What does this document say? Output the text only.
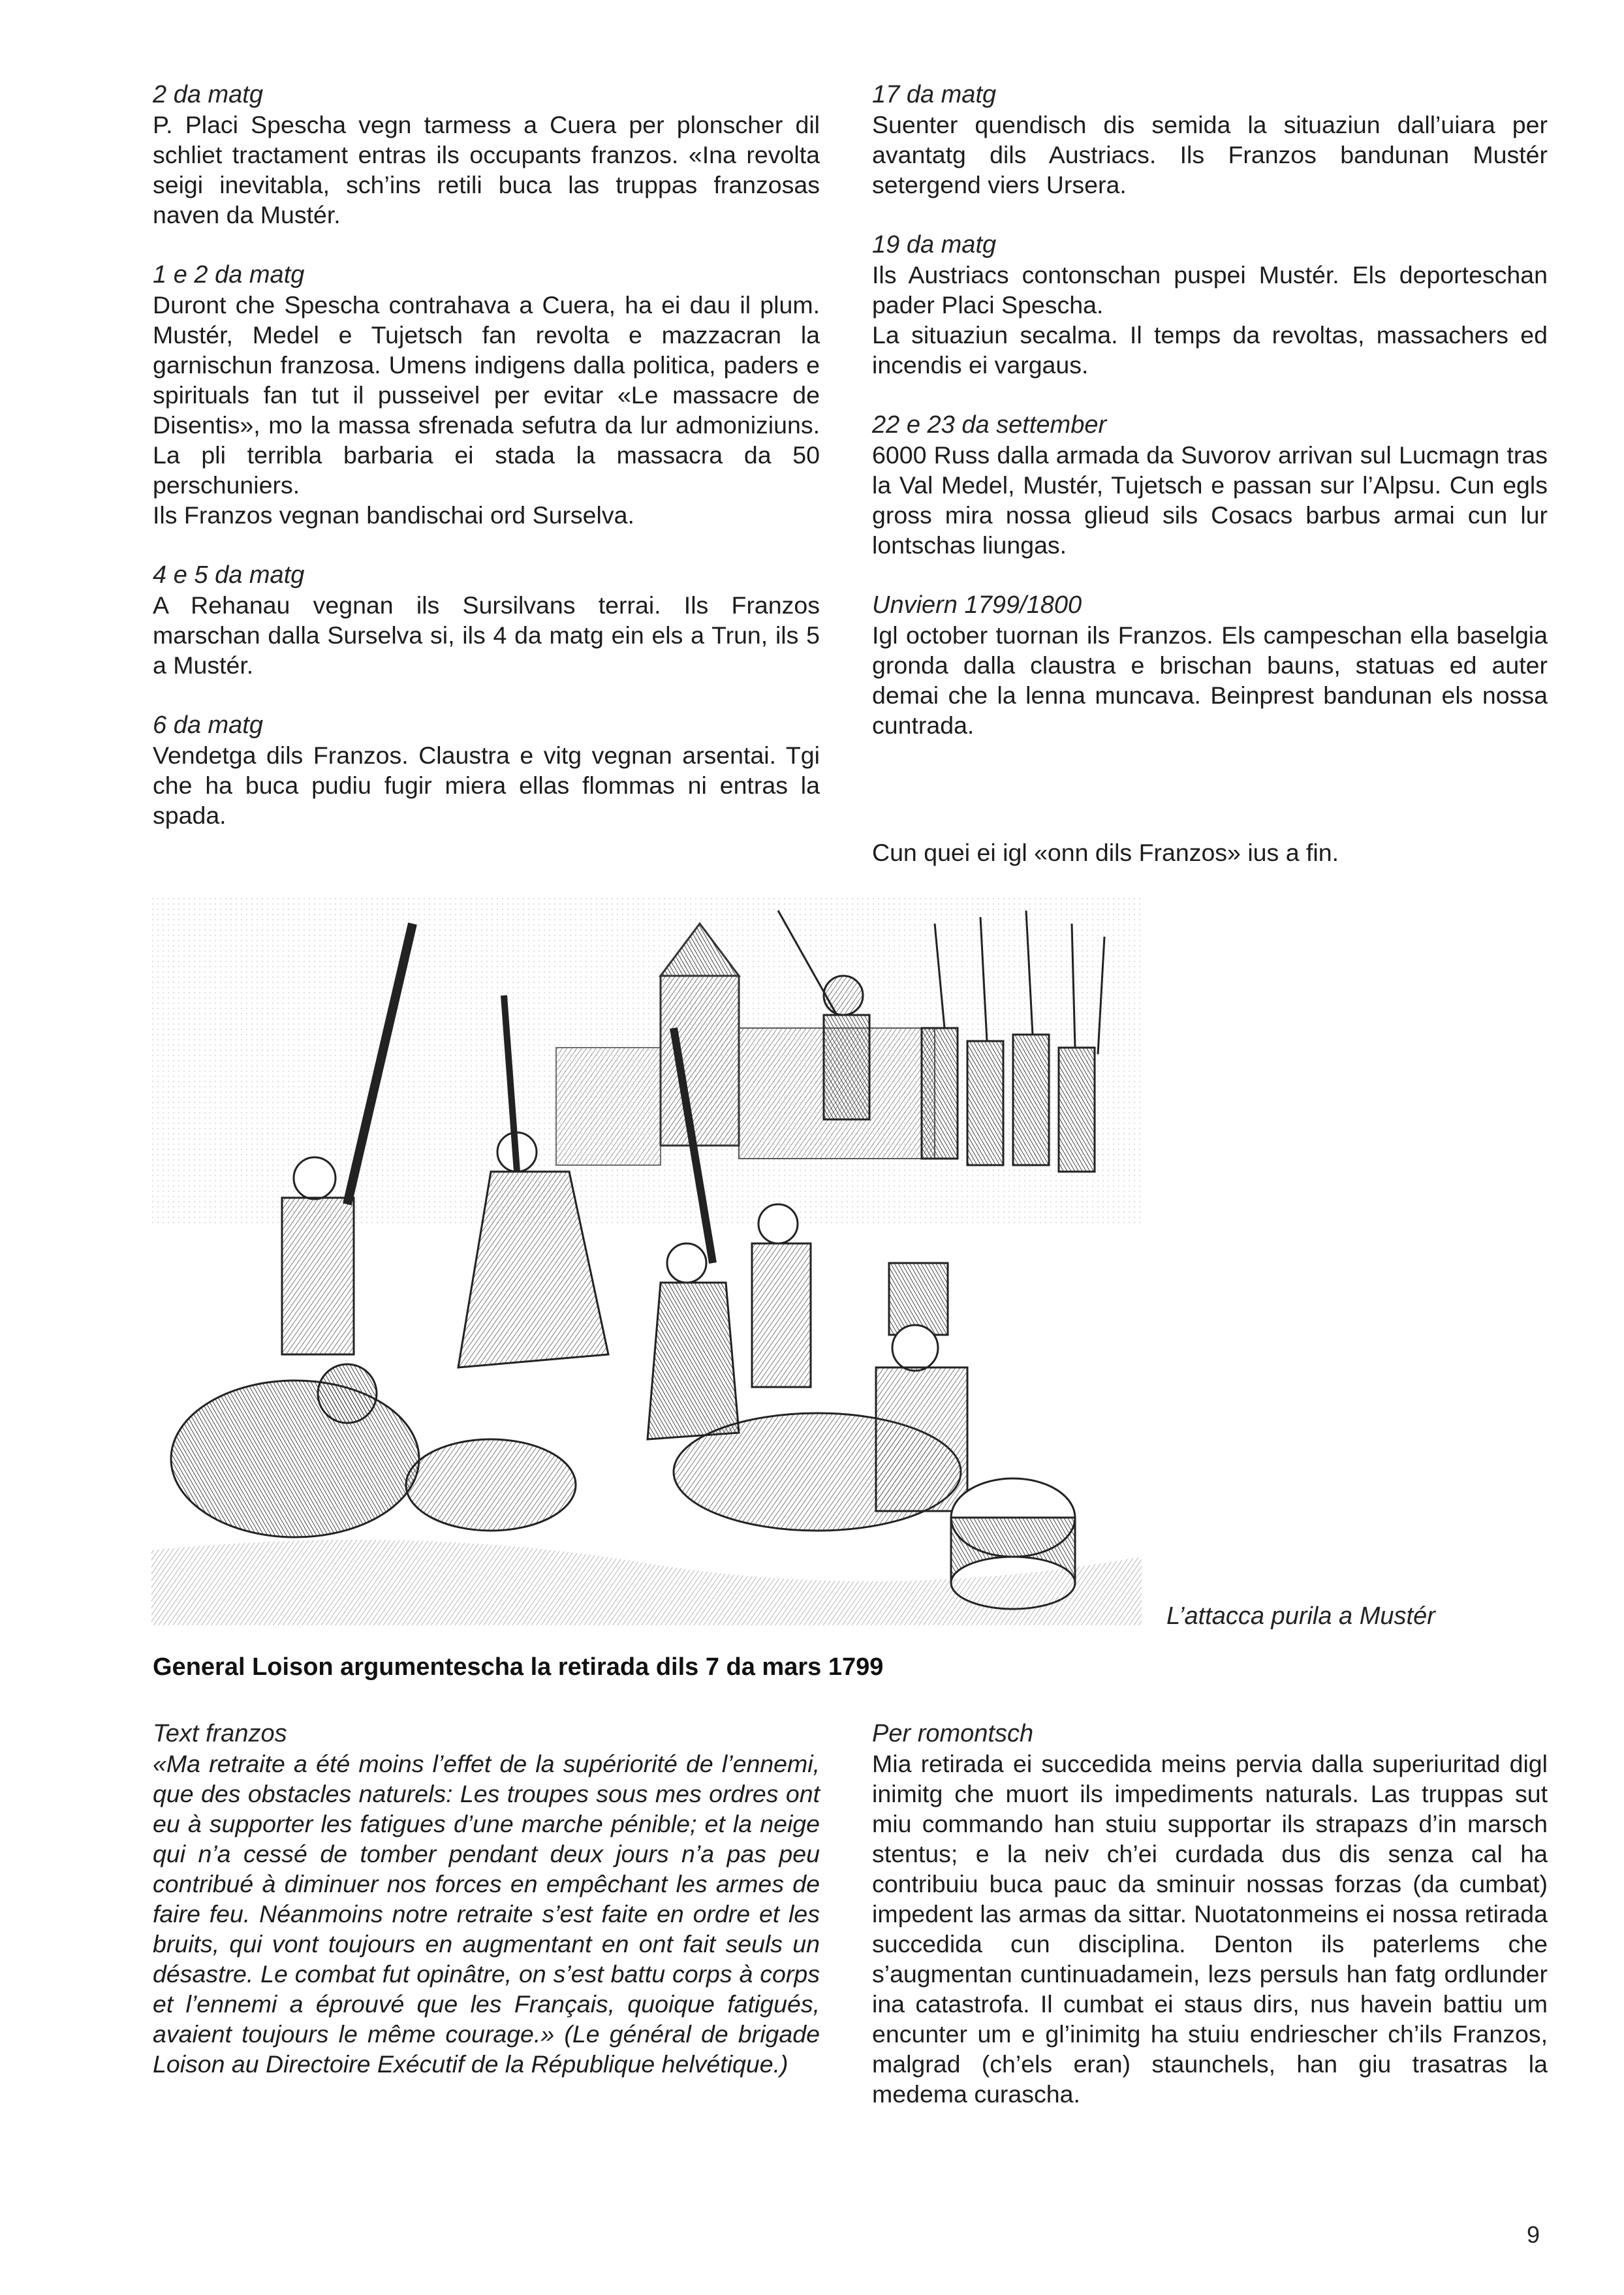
2 da matg
P. Placi Spescha vegn tarmess a Cuera per plonscher dil schliet tractament entras ils occupants franzos. «Ina revolta seigi inevitabla, sch’ins retili buca las truppas franzosas naven da Mustér.
1 e 2 da matg
Duront che Spescha contrahava a Cuera, ha ei dau il plum. Mustér, Medel e Tujetsch fan revolta e mazzacran la garnischun franzosa. Umens indigens dalla politica, paders e spirituals fan tut il pusseivel per evitar «Le massacre de Disentis», mo la massa sfrenada sefutra da lur admoniziuns. La pli terribla barbaria ei stada la massacra da 50 perschuniers.
Ils Franzos vegnan bandischai ord Surselva.
4 e 5 da matg
A Rehanau vegnan ils Sursilvans terrai. Ils Franzos marschan dalla Surselva si, ils 4 da matg ein els a Trun, ils 5 a Mustér.
6 da matg
Vendetga dils Franzos. Claustra e vitg vegnan arsentai. Tgi che ha buca pudiu fugir miera ellas flommas ni entras la spada.
17 da matg
Suenter quendisch dis semida la situaziun dall’uiara per avantatg dils Austriacs. Ils Franzos bandunan Mustér setergend viers Ursera.
19 da matg
Ils Austriacs contonschan puspei Mustér. Els deporteschan pader Placi Spescha.
La situaziun secalma. Il temps da revoltas, massachers ed incendis ei vargaus.
22 e 23 da settember
6000 Russ dalla armada da Suvorov arrivan sul Lucmagn tras la Val Medel, Mustér, Tujetsch e passan sur l’Alpsu. Cun egls gross mira nossa glieud sils Cosacs barbus armai cun lur lontschas liungas.
Unviern 1799/1800
Igl october tuornan ils Franzos. Els campeschan ella baselgia gronda dalla claustra e brischan bauns, statuas ed auter demai che la lenna muncava. Beinprest bandunan els nossa cuntrada.
Cun quei ei igl «onn dils Franzos» ius a fin.
L’attacca purila a Mustér
General Loison argumentescha la retirada dils 7 da mars 1799
Text franzos
«Ma retraite a été moins l’effet de la supériorité de l’ennemi, que des obstacles naturels: Les troupes sous mes ordres ont eu à supporter les fatigues d’une marche pénible; et la neige qui n’a cessé de tomber pendant deux jours n’a pas peu contribué à diminuer nos forces en empêchant les armes de faire feu. Néanmoins notre retraite s’est faite en ordre et les bruits, qui vont toujours en augmentant en ont fait seuls un désastre. Le combat fut opinâtre, on s’est battu corps à corps et l’ennemi a éprouvé que les Français, quoique fatigués, avaient toujours le même courage.» (Le général de brigade Loison au Directoire Exécutif de la République helvétique.)
Per romontsch
Mia retirada ei succedida meins pervia dalla superiuritad digl inimitg che muort ils impediments naturals. Las truppas sut miu commando han stuiu supportar ils strapazs d’in marsch stentus; e la neiv ch’ei curdada dus dis senza cal ha contribuiu buca pauc da sminuir nossas forzas (da cumbat) impedent las armas da sittar. Nuotatonmeins ei nossa retirada succedida cun disciplina. Denton ils paterlems che s’augmentan cuntinuadamein, lezs persuls han fatg ordlunder ina catastrofa. Il cumbat ei staus dirs, nus havein battiu um encunter um e gl’inimitg ha stuiu endriescher ch’ils Franzos, malgrad (ch’els eran) staunchels, han giu trasatras la medema curascha.
9
